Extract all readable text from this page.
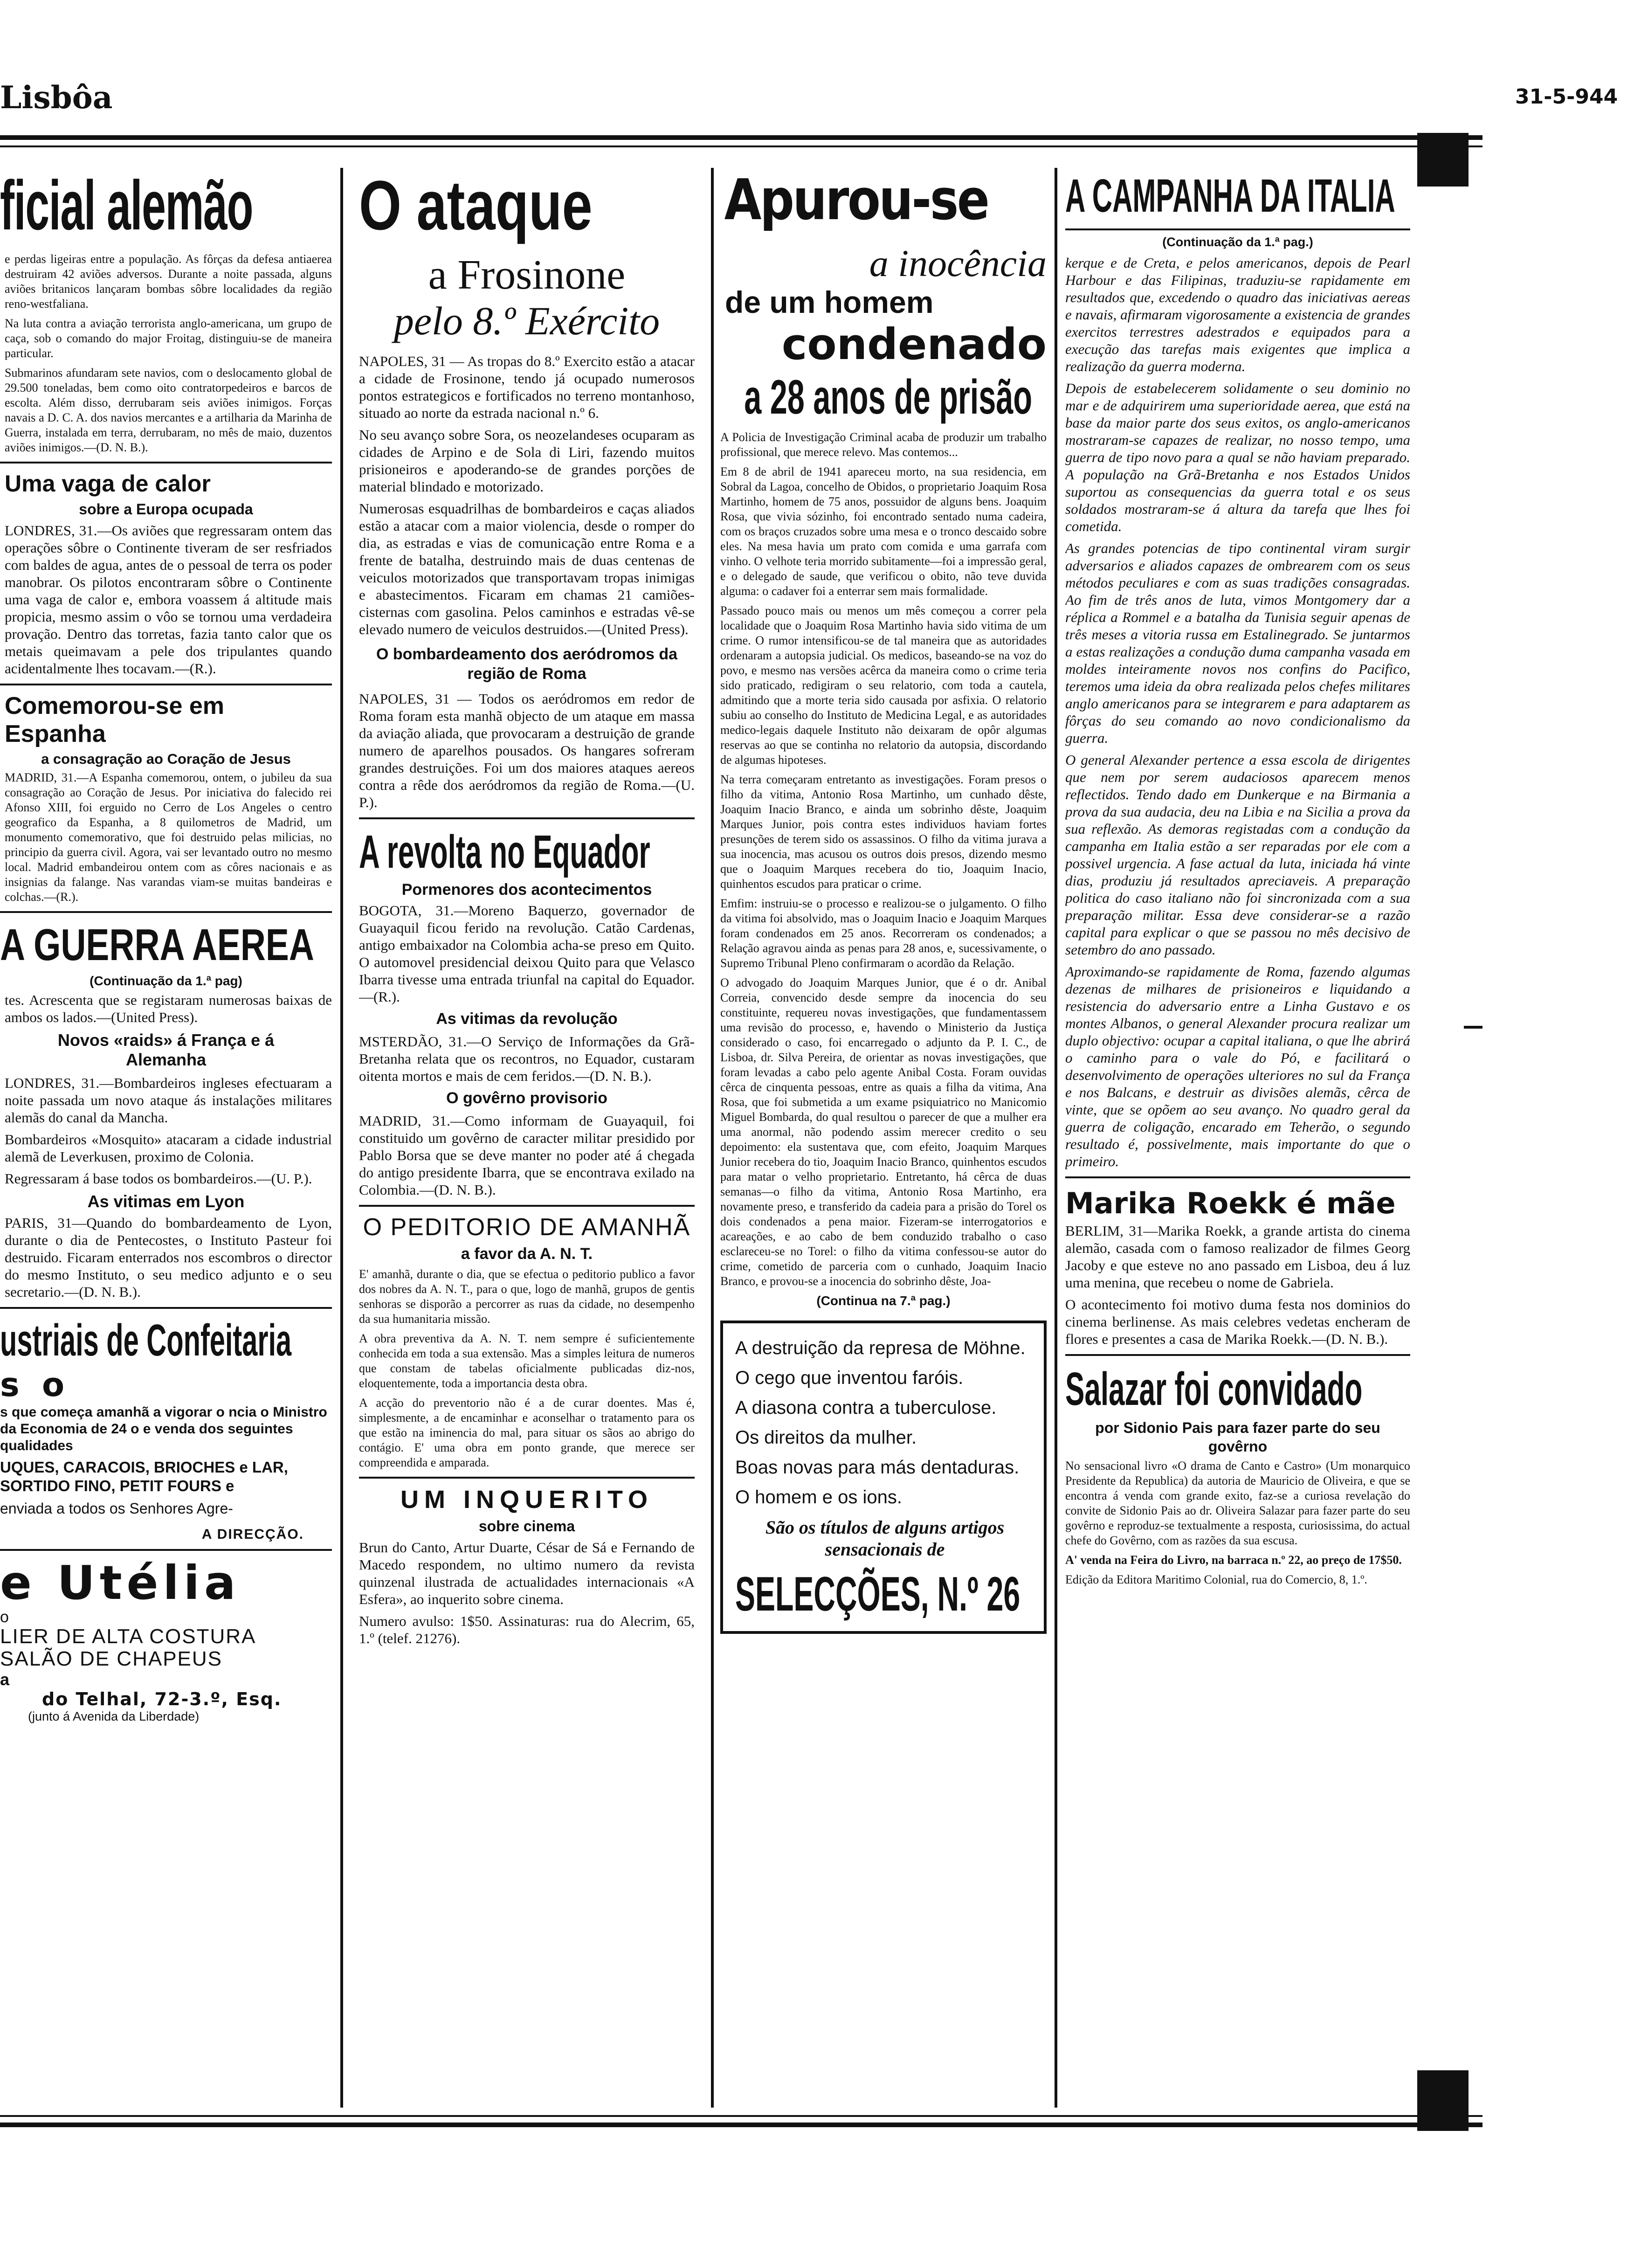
Lisbôa	31-5-944
ficial alemão

e perdas ligeiras entre a população. As fôrças da defesa antiaerea destruiram 42 aviões adversos. Durante a noite passada, alguns aviões britanicos lançaram bombas sôbre localidades da região reno-westfaliana.

Na luta contra a aviação terrorista anglo-americana, um grupo de caça, sob o comando do major Froitag, distinguiu-se de maneira particular.

Submarinos afundaram sete navios, com o deslocamento global de 29.500 toneladas, bem como oito contratorpedeiros e barcos de escolta. Além disso, derrubaram seis aviões inimigos. Forças navais a D. C. A. dos navios mercantes e a artilharia da Marinha de Guerra, instalada em terra, derrubaram, no mês de maio, duzentos aviões inimigos.—(D. N. B.).

Uma vaga de calor
sobre a Europa ocupada
LONDRES, 31.—Os aviões que regressaram ontem das operações sôbre o Continente tiveram de ser resfriados com baldes de agua, antes de o pessoal de terra os poder manobrar. Os pilotos encontraram sôbre o Continente uma vaga de calor e, embora voassem á altitude mais propicia, mesmo assim o vôo se tornou uma verdadeira provação. Dentro das torretas, fazia tanto calor que os metais queimavam a pele dos tripulantes quando acidentalmente lhes tocavam.—(R.).
Comemorou-se em Espanha
a consagração ao Coração de Jesus
MADRID, 31.—A Espanha comemorou, ontem, o jubileu da sua consagração ao Coração de Jesus. Por iniciativa do falecido rei Afonso XIII, foi erguido no Cerro de Los Angeles o centro geografico da Espanha, a 8 quilometros de Madrid, um monumento comemorativo, que foi destruido pelas milicias, no principio da guerra civil. Agora, vai ser levantado outro no mesmo local. Madrid embandeirou ontem com as côres nacionais e as insignias da falange. Nas varandas viam-se muitas bandeiras e colchas.—(R.).
A GUERRA AEREA
(Continuação da 1.ª pag)
tes. Acrescenta que se registaram numerosas baixas de ambos os lados.—(United Press).
Novos «raids» á França e á Alemanha

LONDRES, 31.—Bombardeiros ingleses efectuaram a noite passada um novo ataque ás instalações militares alemãs do canal da Mancha.

Bombardeiros «Mosquito» atacaram a cidade industrial alemã de Leverkusen, proximo de Colonia.

Regressaram á base todos os bombardeiros.—(U. P.).

As vitimas em Lyon
PARIS, 31—Quando do bombardeamento de Lyon, durante o dia de Pentecostes, o Instituto Pasteur foi destruido. Ficaram enterrados nos escombros o director do mesmo Instituto, o seu medico adjunto e o seu secretario.—(D. N. B.).
ustriais de Confeitaria
s o
s que começa amanhã a vigorar o ncia o Ministro da Economia de 24 o e venda dos seguintes qualidades
UQUES, CARACOIS, BRIOCHES e LAR, SORTIDO FINO, PETIT FOURS e
enviada a todos os Senhores Agre-
A DIRECÇÃO.
e Utélia
o
LIER DE ALTA COSTURA
SALÃO DE CHAPEUS
a
do Telhal, 72-3.º, Esq.
(junto á Avenida da Liberdade)
O ataque
a Frosinone
pelo 8.º Exército

NAPOLES, 31 — As tropas do 8.º Exercito estão a atacar a cidade de Frosinone, tendo já ocupado numerosos pontos estrategicos e fortificados no terreno montanhoso, situado ao norte da estrada nacional n.º 6.

No seu avanço sobre Sora, os neozelandeses ocuparam as cidades de Arpino e de Sola di Liri, fazendo muitos prisioneiros e apoderando-se de grandes porções de material blindado e motorizado.

Numerosas esquadrilhas de bombardeiros e caças aliados estão a atacar com a maior violencia, desde o romper do dia, as estradas e vias de comunicação entre Roma e a frente de batalha, destruindo mais de duas centenas de veiculos motorizados que transportavam tropas inimigas e abastecimentos. Ficaram em chamas 21 camiões-cisternas com gasolina. Pelos caminhos e estradas vê-se elevado numero de veiculos destruidos.—(United Press).

O bombardeamento dos aeródromos da região de Roma
NAPOLES, 31 — Todos os aeródromos em redor de Roma foram esta manhã objecto de um ataque em massa da aviação aliada, que provocaram a destruição de grande numero de aparelhos pousados. Os hangares sofreram grandes destruições. Foi um dos maiores ataques aereos contra a rêde dos aeródromos da região de Roma.—(U. P.).
A revolta no Equador
Pormenores dos acontecimentos
BOGOTA, 31.—Moreno Baquerzo, governador de Guayaquil ficou ferido na revolução. Catão Cardenas, antigo embaixador na Colombia acha-se preso em Quito. O automovel presidencial deixou Quito para que Velasco Ibarra tivesse uma entrada triunfal na capital do Equador.—(R.).
As vitimas da revolução
MSTERDÃO, 31.—O Serviço de Informações da Grã-Bretanha relata que os recontros, no Equador, custaram oitenta mortos e mais de cem feridos.—(D. N. B.).
O govêrno provisorio
MADRID, 31.—Como informam de Guayaquil, foi constituido um govêrno de caracter militar presidido por Pablo Borsa que se deve manter no poder até á chegada do antigo presidente Ibarra, que se encontrava exilado na Colombia.—(D. N. B.).
O PEDITORIO DE AMANHÃ
a favor da A. N. T.

E' amanhã, durante o dia, que se efectua o peditorio publico a favor dos nobres da A. N. T., para o que, logo de manhã, grupos de gentis senhoras se disporão a percorrer as ruas da cidade, no desempenho da sua humanitaria missão.

A obra preventiva da A. N. T. nem sempre é suficientemente conhecida em toda a sua extensão. Mas a simples leitura de numeros que constam de tabelas oficialmente publicadas diz-nos, eloquentemente, toda a importancia desta obra.

A acção do preventorio não é a de curar doentes. Mas é, simplesmente, a de encaminhar e aconselhar o tratamento para os que estão na iminencia do mal, para situar os sãos ao abrigo do contágio. E' uma obra em ponto grande, que merece ser compreendida e amparada.

UM INQUERITO
sobre cinema

Brun do Canto, Artur Duarte, César de Sá e Fernando de Macedo respondem, no ultimo numero da revista quinzenal ilustrada de actualidades internacionais «A Esfera», ao inquerito sobre cinema.

Numero avulso: 1$50. Assinaturas: rua do Alecrim, 65, 1.º (telef. 21276).

Apurou-se
a inocência
de um homem
condenado
a 28 anos de prisão

A Policia de Investigação Criminal acaba de produzir um trabalho profissional, que merece relevo. Mas contemos...

Em 8 de abril de 1941 apareceu morto, na sua residencia, em Sobral da Lagoa, concelho de Obidos, o proprietario Joaquim Rosa Martinho, homem de 75 anos, possuidor de alguns bens. Joaquim Rosa, que vivia sózinho, foi encontrado sentado numa cadeira, com os braços cruzados sobre uma mesa e o tronco descaido sobre eles. Na mesa havia um prato com comida e uma garrafa com vinho. O velhote teria morrido subitamente—foi a impressão geral, e o delegado de saude, que verificou o obito, não teve duvida alguma: o cadaver foi a enterrar sem mais formalidade.

Passado pouco mais ou menos um mês começou a correr pela localidade que o Joaquim Rosa Martinho havia sido vitima de um crime. O rumor intensificou-se de tal maneira que as autoridades ordenaram a autopsia judicial. Os medicos, baseando-se na voz do povo, e mesmo nas versões acêrca da maneira como o crime teria sido praticado, redigiram o seu relatorio, com toda a cautela, admitindo que a morte teria sido causada por asfixia. O relatorio subiu ao conselho do Instituto de Medicina Legal, e as autoridades medico-legais daquele Instituto não deixaram de opôr algumas reservas ao que se continha no relatorio da autopsia, discordando de algumas hipoteses.

Na terra começaram entretanto as investigações. Foram presos o filho da vitima, Antonio Rosa Martinho, um cunhado dêste, Joaquim Inacio Branco, e ainda um sobrinho dêste, Joaquim Marques Junior, pois contra estes individuos haviam fortes presunções de terem sido os assassinos. O filho da vitima jurava a sua inocencia, mas acusou os outros dois presos, dizendo mesmo que o Joaquim Marques recebera do tio, Joaquim Inacio, quinhentos escudos para praticar o crime.

Emfim: instruiu-se o processo e realizou-se o julgamento. O filho da vitima foi absolvido, mas o Joaquim Inacio e Joaquim Marques foram condenados em 25 anos. Recorreram os condenados; a Relação agravou ainda as penas para 28 anos, e, sucessivamente, o Supremo Tribunal Pleno confirmaram o acordão da Relação.

O advogado do Joaquim Marques Junior, que é o dr. Anibal Correia, convencido desde sempre da inocencia do seu constituinte, requereu novas investigações, que fundamentassem uma revisão do processo, e, havendo o Ministerio da Justiça considerado o caso, foi encarregado o adjunto da P. I. C., de Lisboa, dr. Silva Pereira, de orientar as novas investigações, que foram levadas a cabo pelo agente Anibal Costa. Foram ouvidas cêrca de cinquenta pessoas, entre as quais a filha da vitima, Ana Rosa, que foi submetida a um exame psiquiatrico no Manicomio Miguel Bombarda, do qual resultou o parecer de que a mulher era uma anormal, não podendo assim merecer credito o seu depoimento: ela sustentava que, com efeito, Joaquim Marques Junior recebera do tio, Joaquim Inacio Branco, quinhentos escudos para matar o velho proprietario. Entretanto, há cêrca de duas semanas—o filho da vitima, Antonio Rosa Martinho, era novamente preso, e transferido da cadeia para a prisão do Torel os dois condenados a pena maior. Fizeram-se interrogatorios e acareações, e ao cabo de bem conduzido trabalho o caso esclareceu-se no Torel: o filho da vitima confessou-se autor do crime, cometido de parceria com o cunhado, Joaquim Inacio Branco, e provou-se a inocencia do sobrinho dêste, Joa-

(Continua na 7.ª pag.)
A destruição da represa de Möhne.
O cego que inventou faróis.
A diasona contra a tuberculose.
Os direitos da mulher.
Boas novas para más dentaduras.
O homem e os ions.
São os títulos de alguns artigos
sensacionais de
SELECÇÕES, N.º 26
A CAMPANHA DA ITALIA
(Continuação da 1.ª pag.)

kerque e de Creta, e pelos americanos, depois de Pearl Harbour e das Filipinas, traduziu-se rapidamente em resultados que, excedendo o quadro das iniciativas aereas e navais, afirmaram vigorosamente a existencia de grandes exercitos terrestres adestrados e equipados para a execução das tarefas mais exigentes que implica a realização da guerra moderna.

Depois de estabelecerem solidamente o seu dominio no mar e de adquirirem uma superioridade aerea, que está na base da maior parte dos seus exitos, os anglo-americanos mostraram-se capazes de realizar, no nosso tempo, uma guerra de tipo novo para a qual se não haviam preparado. A população na Grã-Bretanha e nos Estados Unidos suportou as consequencias da guerra total e os seus soldados mostraram-se á altura da tarefa que lhes foi cometida.

As grandes potencias de tipo continental viram surgir adversarios e aliados capazes de ombrearem com os seus métodos peculiares e com as suas tradições consagradas. Ao fim de três anos de luta, vimos Montgomery dar a réplica a Rommel e a batalha da Tunisia seguir apenas de três meses a vitoria russa em Estalinegrado. Se juntarmos a estas realizações a condução duma campanha vasada em moldes inteiramente novos nos confins do Pacifico, teremos uma ideia da obra realizada pelos chefes militares anglo americanos para se integrarem e para adaptarem as fôrças do seu comando ao novo condicionalismo da guerra.

O general Alexander pertence a essa escola de dirigentes que nem por serem audaciosos aparecem menos reflectidos. Tendo dado em Dunkerque e na Birmania a prova da sua audacia, deu na Libia e na Sicilia a prova da sua reflexão. As demoras registadas com a condução da campanha em Italia estão a ser reparadas por ele com a possivel urgencia. A fase actual da luta, iniciada há vinte dias, produziu já resultados apreciaveis. A preparação politica do caso italiano não foi sincronizada com a sua preparação militar. Essa deve considerar-se a razão capital para explicar o que se passou no mês decisivo de setembro do ano passado.

Aproximando-se rapidamente de Roma, fazendo algumas dezenas de milhares de prisioneiros e liquidando a resistencia do adversario entre a Linha Gustavo e os montes Albanos, o general Alexander procura realizar um duplo objectivo: ocupar a capital italiana, o que lhe abrirá o caminho para o vale do Pó, e facilitará o desenvolvimento de operações ulteriores no sul da França e nos Balcans, e destruir as divisões alemãs, cêrca de vinte, que se opõem ao seu avanço. No quadro geral da guerra de coligação, encarado em Teherão, o segundo resultado é, possivelmente, mais importante do que o primeiro.

Marika Roekk é mãe

BERLIM, 31—Marika Roekk, a grande artista do cinema alemão, casada com o famoso realizador de filmes Georg Jacoby e que esteve no ano passado em Lisboa, deu á luz uma menina, que recebeu o nome de Gabriela.

O acontecimento foi motivo duma festa nos dominios do cinema berlinense. As mais celebres vedetas encheram de flores e presentes a casa de Marika Roekk.—(D. N. B.).

Salazar foi convidado
por Sidonio Pais para fazer parte do seu govêrno

No sensacional livro «O drama de Canto e Castro» (Um monarquico Presidente da Republica) da autoria de Mauricio de Oliveira, e que se encontra á venda com grande exito, faz-se a curiosa revelação do convite de Sidonio Pais ao dr. Oliveira Salazar para fazer parte do seu govêrno e reproduz-se textualmente a resposta, curiosissima, do actual chefe do Govêrno, com as razões da sua escusa.

A' venda na Feira do Livro, na barraca n.º 22, ao preço de 17$50.

Edição da Editora Maritimo Colonial, rua do Comercio, 8, 1.º.
